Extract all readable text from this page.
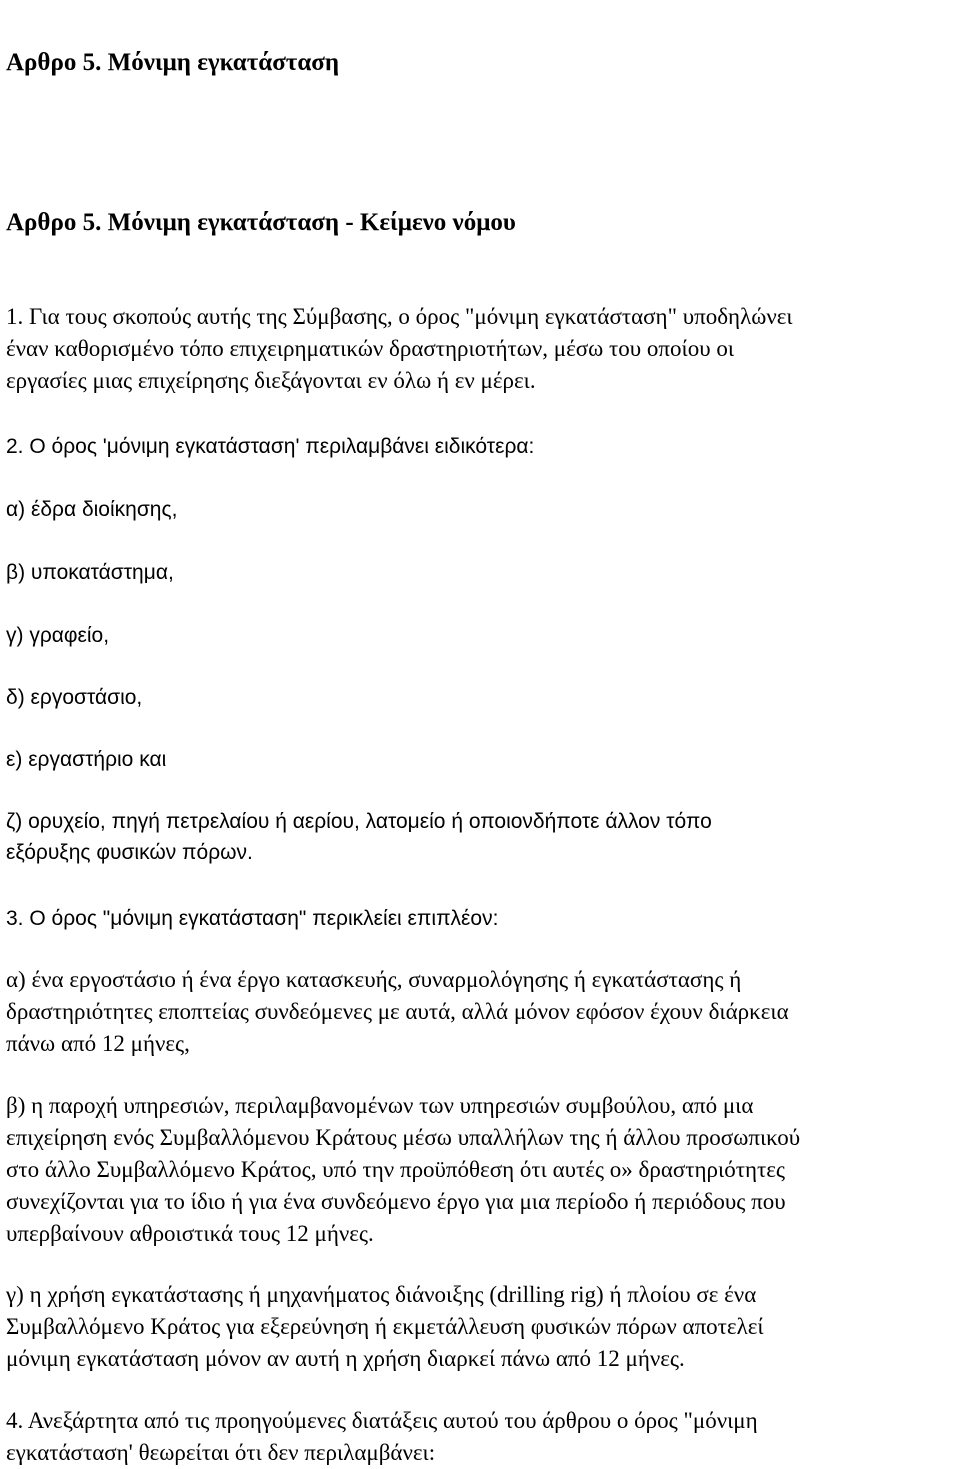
Αρθρο 5. Μόνιμη εγκατάσταση
Αρθρο 5. Μόνιμη εγκατάσταση - Κείμενο νόμου
1. Για τους σκοπούς αυτής της Σύμβασης, ο όρος "μόνιμη εγκατάσταση" υποδηλώνει
έναν καθορισμένο τόπο επιχειρηματικών δραστηριοτήτων, μέσω του οποίου οι
εργασίες μιας επιχείρησης διεξάγονται εν όλω ή εν μέρει.
2. Ο όρος 'μόνιμη εγκατάσταση' περιλαμβάνει ειδικότερα:
α) έδρα διοίκησης,
β) υποκατάστημα,
γ) γραφείο,
δ) εργοστάσιο,
ε) εργαστήριο και
ζ) ορυχείο, πηγή πετρελαίου ή αερίου, λατομείο ή οποιονδήποτε άλλον τόπο
εξόρυξης φυσικών πόρων.
3. Ο όρος "μόνιμη εγκατάσταση" περικλείει επιπλέον:
α) ένα εργοστάσιο ή ένα έργο κατασκευής, συναρμολόγησης ή εγκατάστασης ή
δραστηριότητες εποπτείας συνδεόμενες με αυτά, αλλά μόνον εφόσον έχουν διάρκεια
πάνω από 12 μήνες,
β) η παροχή υπηρεσιών, περιλαμβανομένων των υπηρεσιών συμβούλου, από μια
επιχείρηση ενός Συμβαλλόμενου Κράτους μέσω υπαλλήλων της ή άλλου προσωπικού
στο άλλο Συμβαλλόμενο Κράτος, υπό την προϋπόθεση ότι αυτές ο» δραστηριότητες
συνεχίζονται για το ίδιο ή για ένα συνδεόμενο έργο για μια περίοδο ή περιόδους που
υπερβαίνουν αθροιστικά τους 12 μήνες.
γ) η χρήση εγκατάστασης ή μηχανήματος διάνοιξης (drilling rig) ή πλοίου σε ένα
Συμβαλλόμενο Κράτος για εξερεύνηση ή εκμετάλλευση φυσικών πόρων αποτελεί
μόνιμη εγκατάσταση μόνον αν αυτή η χρήση διαρκεί πάνω από 12 μήνες.
4. Ανεξάρτητα από τις προηγούμενες διατάξεις αυτού του άρθρου ο όρος "μόνιμη
εγκατάσταση' θεωρείται ότι δεν περιλαμβάνει:
